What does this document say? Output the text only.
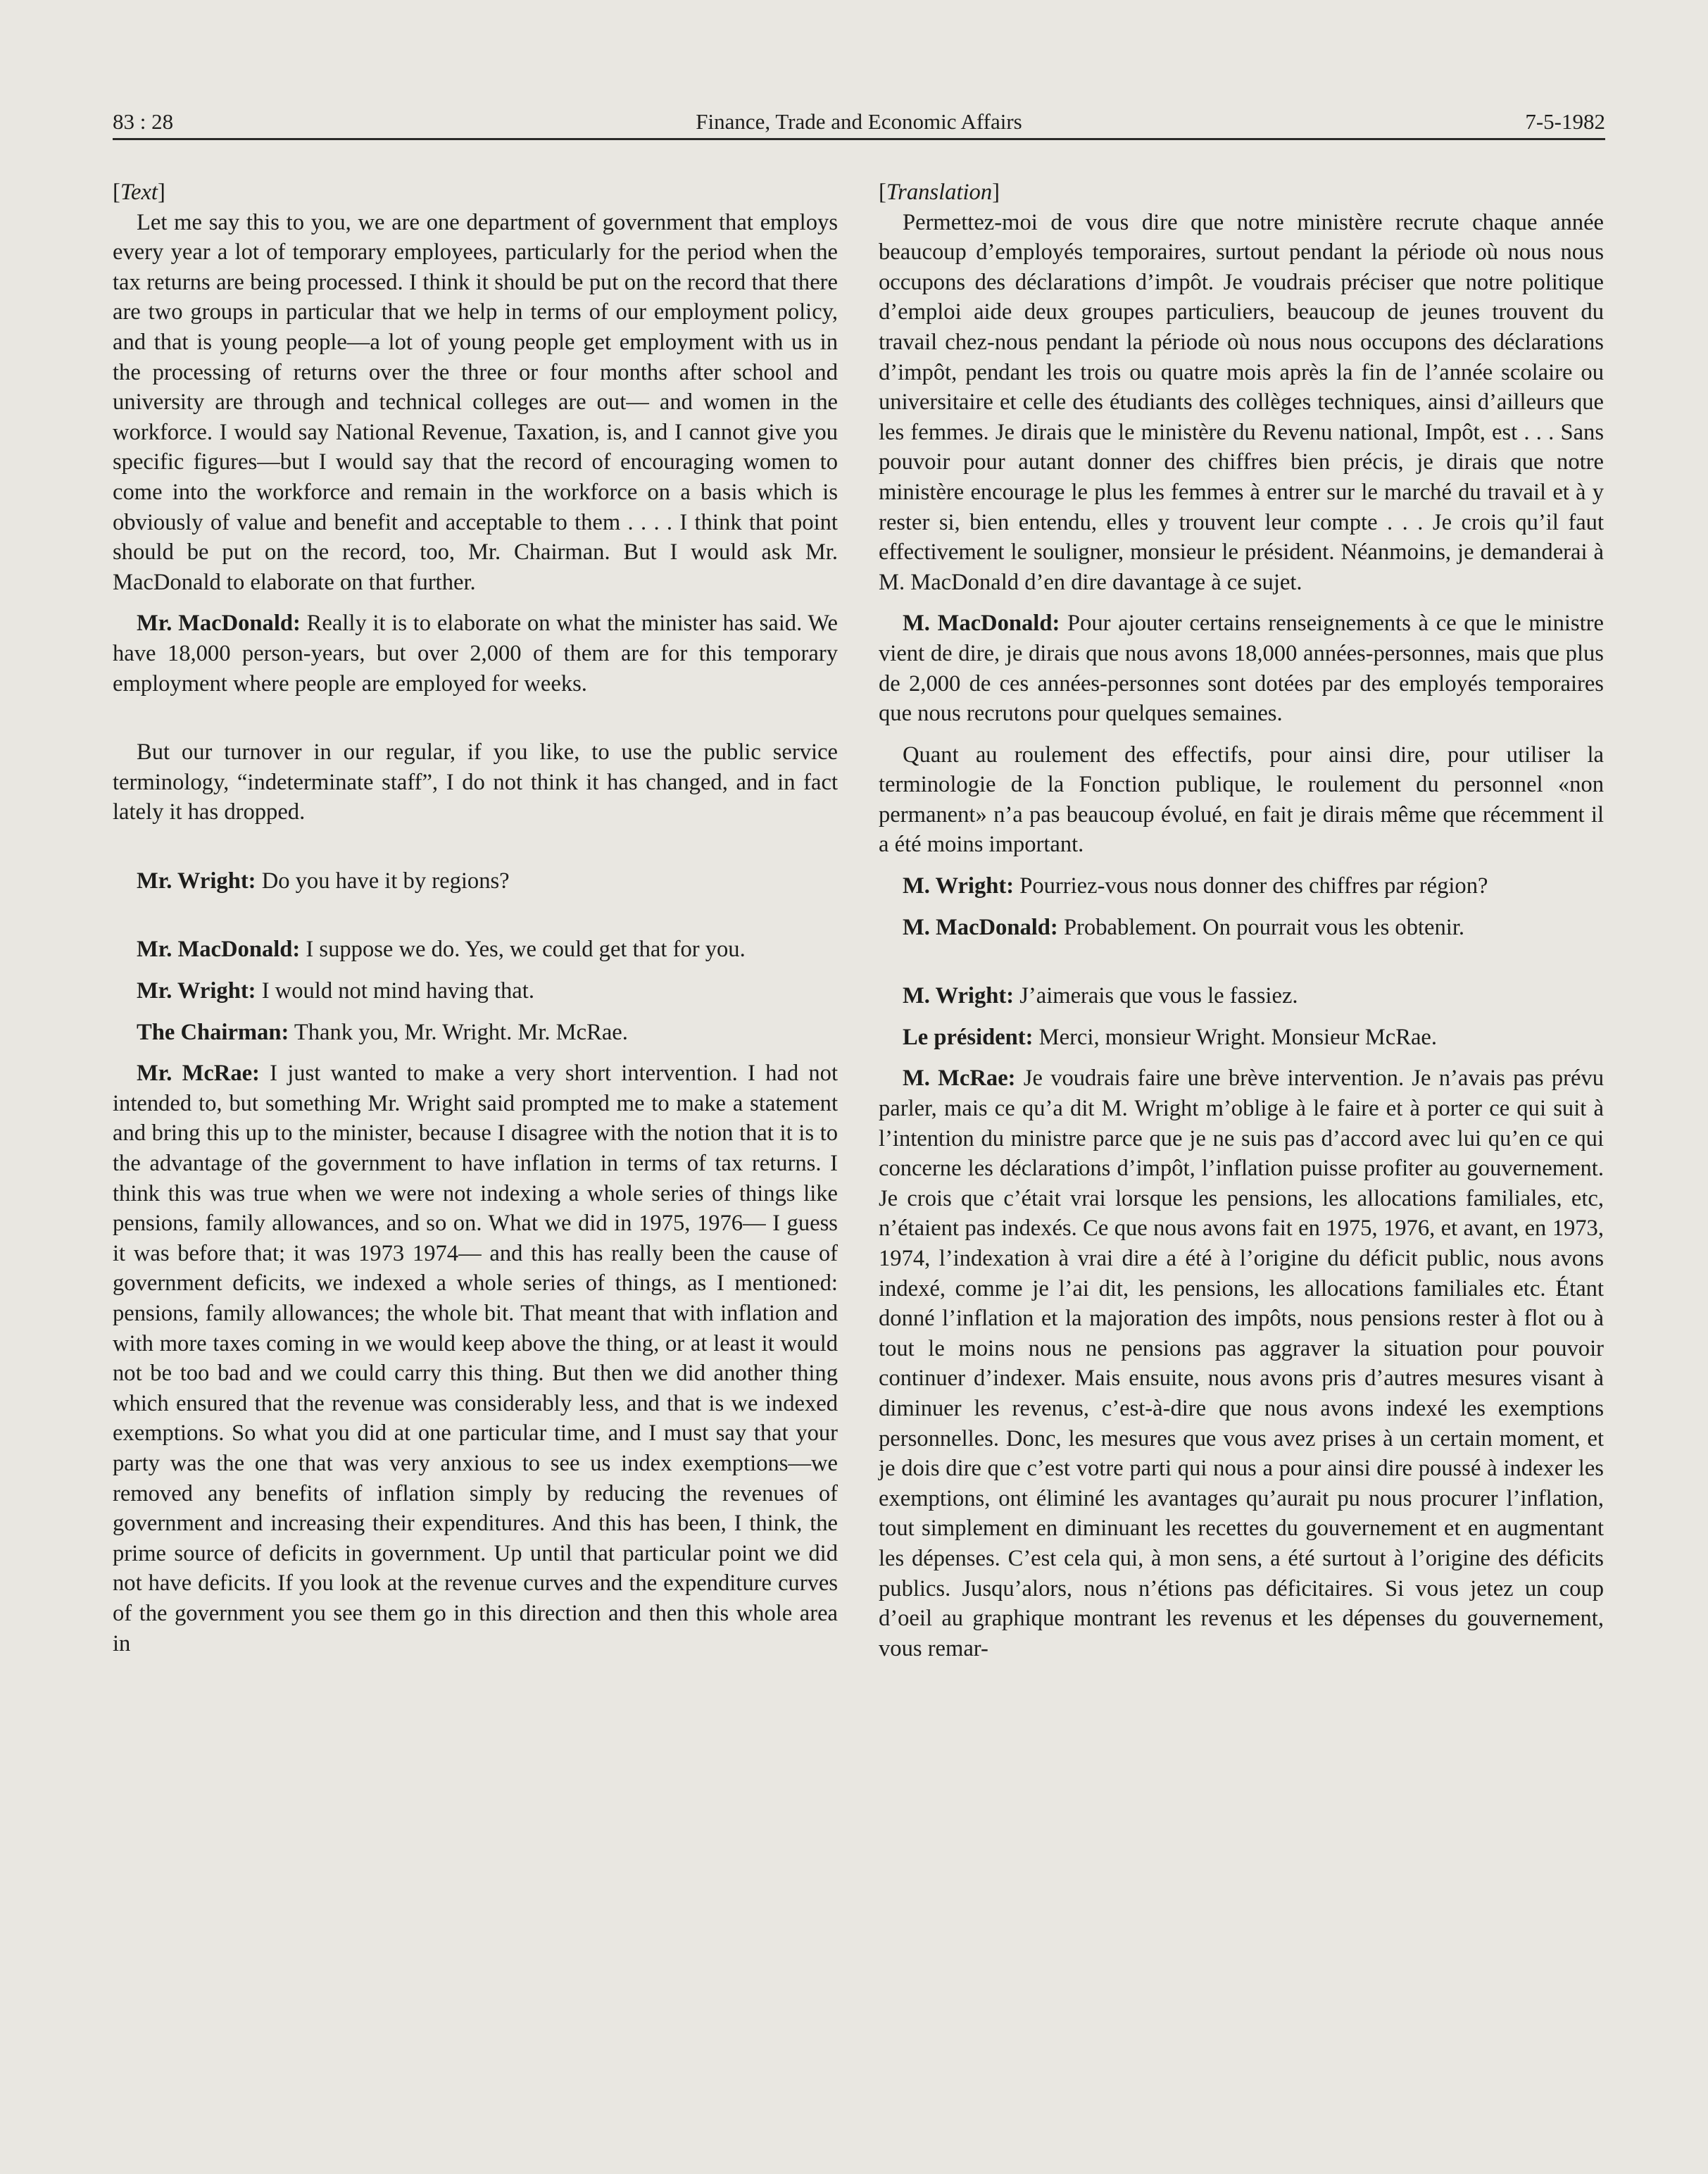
83 : 28	Finance, Trade and Economic Affairs	7-5-1982
[Text]

Let me say this to you, we are one department of government that employs every year a lot of temporary employees, particularly for the period when the tax returns are being processed. I think it should be put on the record that there are two groups in particular that we help in terms of our employment policy, and that is young people—a lot of young people get employment with us in the processing of returns over the three or four months after school and university are through and technical colleges are out— and women in the workforce. I would say National Revenue, Taxation, is, and I cannot give you specific figures—but I would say that the record of encouraging women to come into the workforce and remain in the workforce on a basis which is obviously of value and benefit and acceptable to them . . . . I think that point should be put on the record, too, Mr. Chairman. But I would ask Mr. MacDonald to elaborate on that further.

Mr. MacDonald: Really it is to elaborate on what the minister has said. We have 18,000 person-years, but over 2,000 of them are for this temporary employment where people are employed for weeks.

But our turnover in our regular, if you like, to use the public service terminology, “indeterminate staff”, I do not think it has changed, and in fact lately it has dropped.

Mr. Wright: Do you have it by regions?

Mr. MacDonald: I suppose we do. Yes, we could get that for you.

Mr. Wright: I would not mind having that.

The Chairman: Thank you, Mr. Wright. Mr. McRae.

Mr. McRae: I just wanted to make a very short intervention. I had not intended to, but something Mr. Wright said prompted me to make a statement and bring this up to the minister, because I disagree with the notion that it is to the advantage of the government to have inflation in terms of tax returns. I think this was true when we were not indexing a whole series of things like pensions, family allowances, and so on. What we did in 1975, 1976— I guess it was before that; it was 1973 1974— and this has really been the cause of government deficits, we indexed a whole series of things, as I mentioned: pensions, family allowances; the whole bit. That meant that with inflation and with more taxes coming in we would keep above the thing, or at least it would not be too bad and we could carry this thing. But then we did another thing which ensured that the revenue was considerably less, and that is we indexed exemptions. So what you did at one particular time, and I must say that your party was the one that was very anxious to see us index exemptions—we removed any benefits of inflation simply by reducing the revenues of government and increasing their expenditures. And this has been, I think, the prime source of deficits in government. Up until that particular point we did not have deficits. If you look at the revenue curves and the expenditure curves of the government you see them go in this direction and then this whole area in

[Translation]

Permettez-moi de vous dire que notre ministère recrute chaque année beaucoup d’employés temporaires, surtout pendant la période où nous nous occupons des déclarations d’impôt. Je voudrais préciser que notre politique d’emploi aide deux groupes particuliers, beaucoup de jeunes trouvent du travail chez-nous pendant la période où nous nous occupons des déclarations d’impôt, pendant les trois ou quatre mois après la fin de l’année scolaire ou universitaire et celle des étudiants des collèges techniques, ainsi d’ailleurs que les femmes. Je dirais que le ministère du Revenu national, Impôt, est . . . Sans pouvoir pour autant donner des chiffres bien précis, je dirais que notre ministère encourage le plus les femmes à entrer sur le marché du travail et à y rester si, bien entendu, elles y trouvent leur compte . . . Je crois qu’il faut effectivement le souligner, monsieur le président. Néanmoins, je demanderai à M. MacDonald d’en dire davantage à ce sujet.

M. MacDonald: Pour ajouter certains renseignements à ce que le ministre vient de dire, je dirais que nous avons 18,000 années-personnes, mais que plus de 2,000 de ces années-personnes sont dotées par des employés temporaires que nous recrutons pour quelques semaines.

Quant au roulement des effectifs, pour ainsi dire, pour utiliser la terminologie de la Fonction publique, le roulement du personnel «non permanent» n’a pas beaucoup évolué, en fait je dirais même que récemment il a été moins important.

M. Wright: Pourriez-vous nous donner des chiffres par région?

M. MacDonald: Probablement. On pourrait vous les obtenir.

M. Wright: J’aimerais que vous le fassiez.

Le président: Merci, monsieur Wright. Monsieur McRae.

M. McRae: Je voudrais faire une brève intervention. Je n’avais pas prévu parler, mais ce qu’a dit M. Wright m’oblige à le faire et à porter ce qui suit à l’intention du ministre parce que je ne suis pas d’accord avec lui qu’en ce qui concerne les déclarations d’impôt, l’inflation puisse profiter au gouvernement. Je crois que c’était vrai lorsque les pensions, les allocations familiales, etc, n’étaient pas indexés. Ce que nous avons fait en 1975, 1976, et avant, en 1973, 1974, l’indexation à vrai dire a été à l’origine du déficit public, nous avons indexé, comme je l’ai dit, les pensions, les allocations familiales etc. Étant donné l’inflation et la majoration des impôts, nous pensions rester à flot ou à tout le moins nous ne pensions pas aggraver la situation pour pouvoir continuer d’indexer. Mais ensuite, nous avons pris d’autres mesures visant à diminuer les revenus, c’est-à-dire que nous avons indexé les exemptions personnelles. Donc, les mesures que vous avez prises à un certain moment, et je dois dire que c’est votre parti qui nous a pour ainsi dire poussé à indexer les exemptions, ont éliminé les avantages qu’aurait pu nous procurer l’inflation, tout simplement en diminuant les recettes du gouvernement et en augmentant les dépenses. C’est cela qui, à mon sens, a été surtout à l’origine des déficits publics. Jusqu’alors, nous n’étions pas déficitaires. Si vous jetez un coup d’oeil au graphique montrant les revenus et les dépenses du gouvernement, vous remar-
